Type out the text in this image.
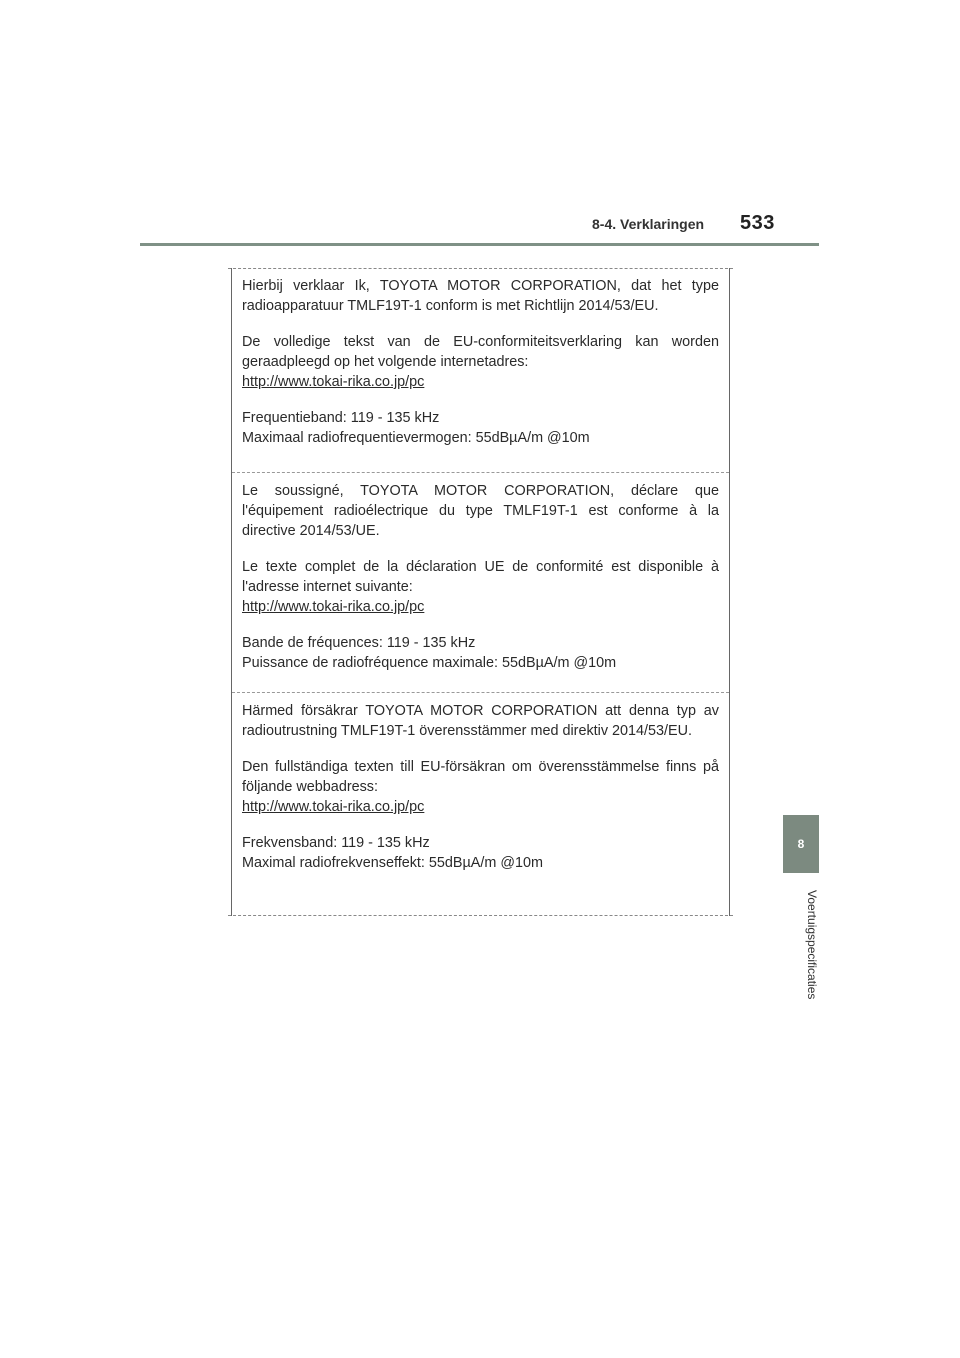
8-4. Verklaringen 533
8
Voertuigspecificaties

Hierbij verklaar Ik, TOYOTA MOTOR CORPORATION, dat het type radioapparatuur TMLF19T-1 conform is met Richtlijn 2014/53/EU.

De volledige tekst van de EU-conformiteitsverklaring kan worden geraadpleegd op het volgende internetadres:
http://www.tokai-rika.co.jp/pc

Frequentieband: 119 - 135 kHz
Maximaal radiofrequentievermogen: 55dBµA/m @10m

Le soussigné, TOYOTA MOTOR CORPORATION, déclare que l'équipement radioélectrique du type TMLF19T-1 est conforme à la directive 2014/53/UE.

Le texte complet de la déclaration UE de conformité est disponible à l'adresse internet suivante:
http://www.tokai-rika.co.jp/pc

Bande de fréquences: 119 - 135 kHz
Puissance de radiofréquence maximale: 55dBµA/m @10m

Härmed försäkrar TOYOTA MOTOR CORPORATION att denna typ av radioutrustning TMLF19T-1 överensstämmer med direktiv 2014/53/EU.

Den fullständiga texten till EU-försäkran om överensstämmelse finns på följande webbadress:
http://www.tokai-rika.co.jp/pc

Frekvensband: 119 - 135 kHz
Maximal radiofrekvenseffekt: 55dBµA/m @10m
